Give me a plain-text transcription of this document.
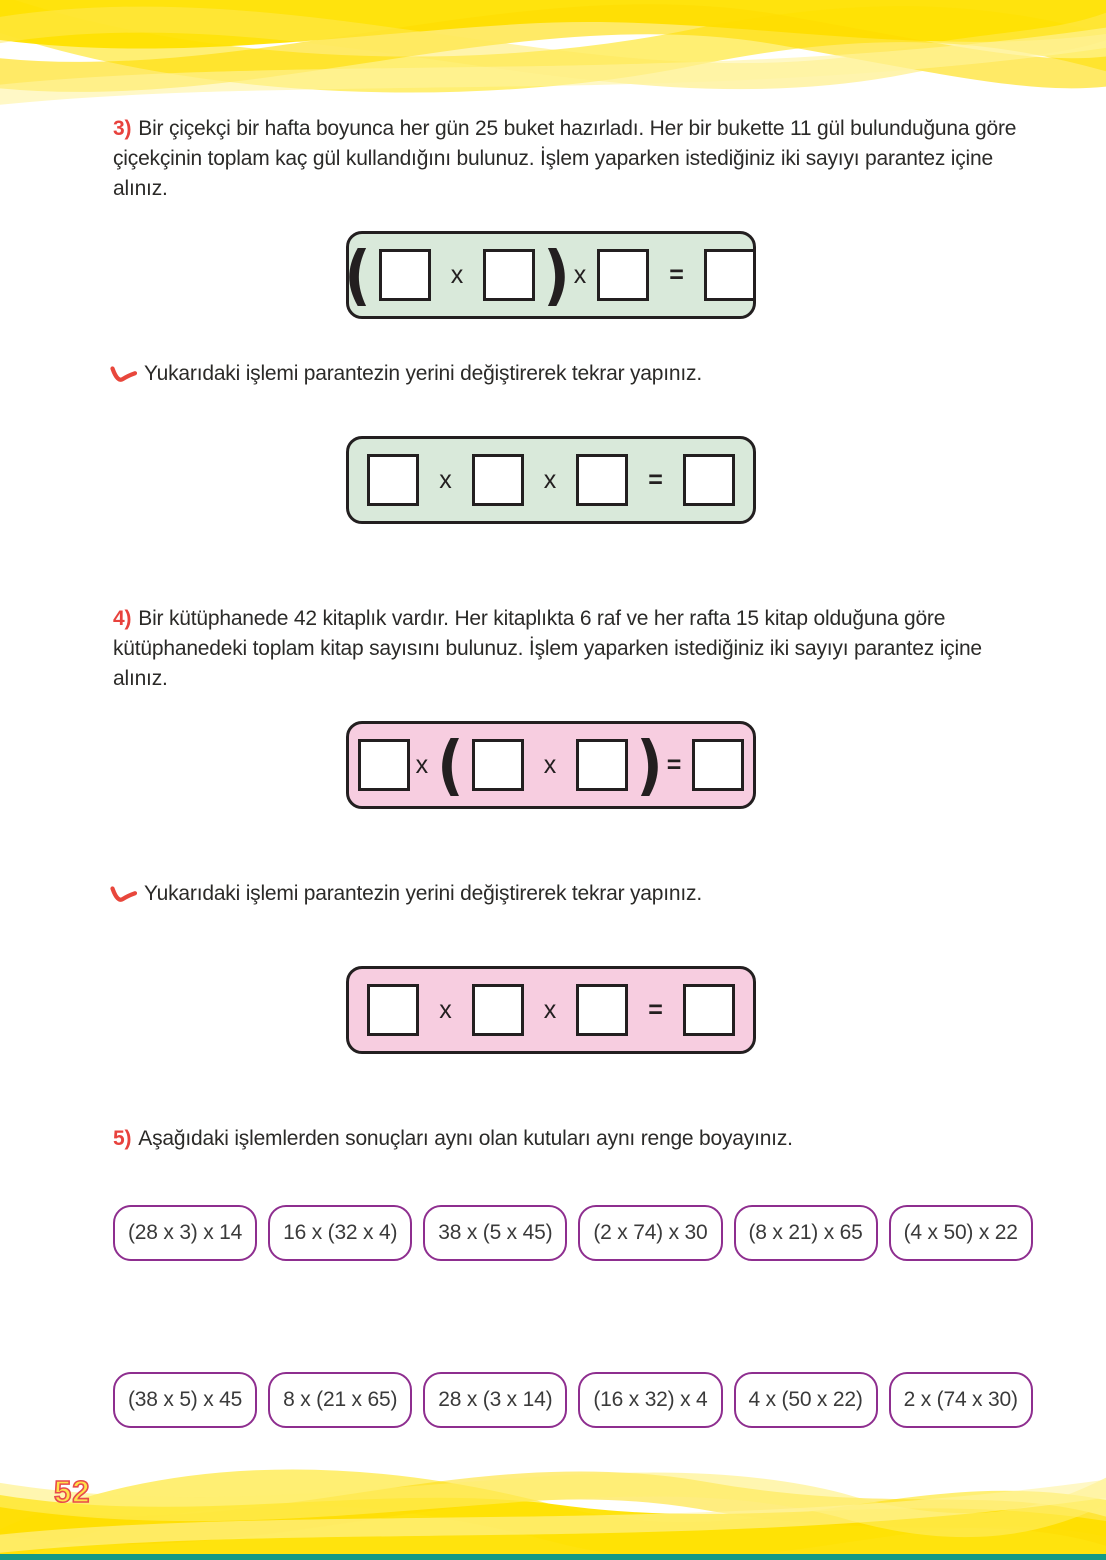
3) Bir çiçekçi bir hafta boyunca her gün 25 buket hazırladı. Her bir bukette 11 gül bulunduğuna göre çiçekçinin toplam kaç gül kullandığını bulunuz. İşlem yaparken istediğiniz iki sayıyı parantez içine alınız.
(	x ) x	=
Yukarıdaki işlemi parantezin yerini değiştirerek tekrar yapınız.
x	x	=
4) Bir kütüphanede 42 kitaplık vardır. Her kitaplıkta 6 raf ve her rafta 15 kitap olduğuna göre kütüphanedeki toplam kitap sayısını bulunuz. İşlem yaparken istediğiniz iki sayıyı parantez içine alınız.
x (	x ) =
Yukarıdaki işlemi parantezin yerini değiştirerek tekrar yapınız.
x	x	=
5) Aşağıdaki işlemlerden sonuçları aynı olan kutuları aynı renge boyayınız.
(28 x 3) x 14 16 x (32 x 4) 38 x (5 x 45) (2 x 74) x 30 (8 x 21) x 65 (4 x 50) x 22
(38 x 5) x 45 8 x (21 x 65) 28 x (3 x 14) (16 x 32) x 4 4 x (50 x 22) 2 x (74 x 30)
52
